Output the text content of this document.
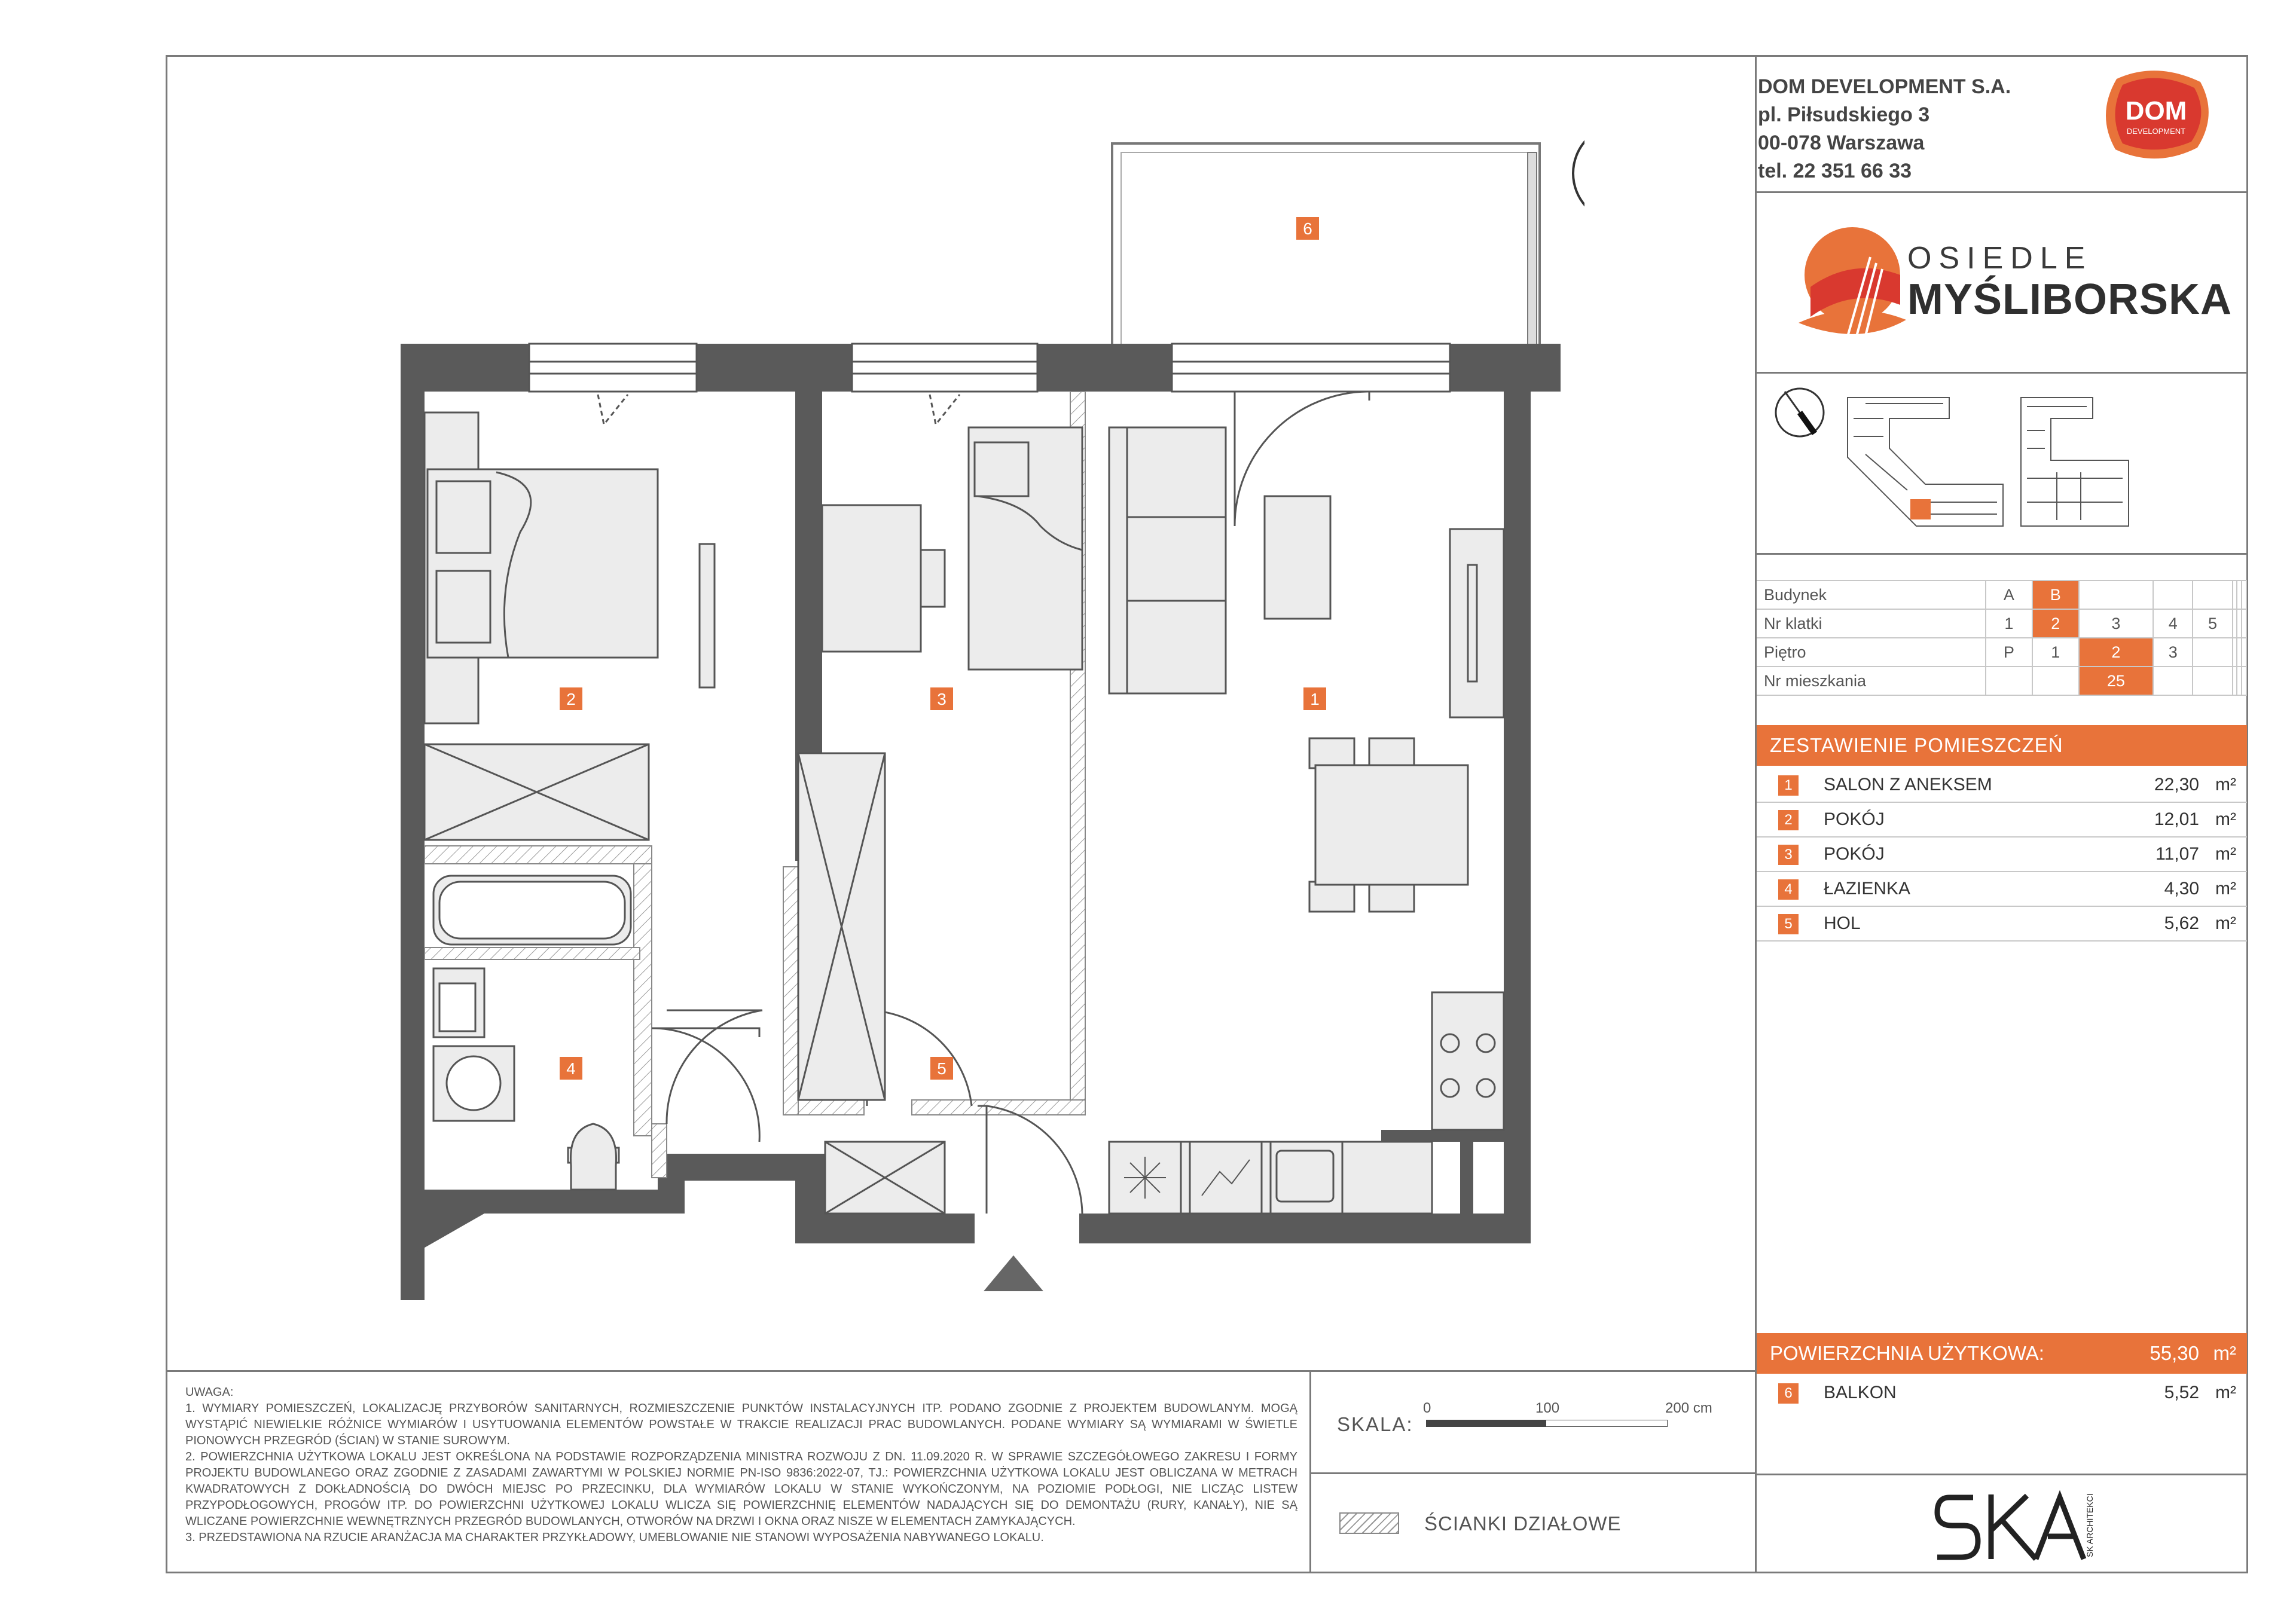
DOM DEVELOPMENT S.A.
pl. Piłsudskiego 3
00-078 Warszawa
tel. 22 351 66 33
DOM
DEVELOPMENT
OSIEDLE
MYŚLIBORSKA
Budynek	A	B						
Nr klatki	1	2	3	4	5			
Piętro	P	1	2	3				
Nr mieszkania			25					
ZESTAWIENIE POMIESZCZEŃ
1	SALON Z ANEKSEM	22,30 m²
2	POKÓJ	12,01 m²
3	POKÓJ	11,07 m²
4	ŁAZIENKA	4,30 m²
5	HOL	5,62 m²
POWIERZCHNIA UŻYTKOWA:	55,30 m²
6	BALKON	5,52 m²
SK ARCHITEKCI

UWAGA:

1. WYMIARY POMIESZCZEŃ, LOKALIZACJĘ PRZYBORÓW SANITARNYCH, ROZMIESZCZENIE PUNKTÓW INSTALACYJNYCH ITP. PODANO ZGODNIE Z PROJEKTEM BUDOWLANYM. MOGĄ WYSTĄPIĆ NIEWIELKIE RÓŻNICE WYMIARÓW I USYTUOWANIA ELEMENTÓW POWSTAŁE W TRAKCIE REALIZACJI PRAC BUDOWLANYCH. PODANE WYMIARY SĄ WYMIARAMI W ŚWIETLE PIONOWYCH PRZEGRÓD (ŚCIAN) W STANIE SUROWYM.

2. POWIERZCHNIA UŻYTKOWA LOKALU JEST OKREŚLONA NA PODSTAWIE ROZPORZĄDZENIA MINISTRA ROZWOJU Z DN. 11.09.2020 R. W SPRAWIE SZCZEGÓŁOWEGO ZAKRESU I FORMY PROJEKTU BUDOWLANEGO ORAZ ZGODNIE Z ZASADAMI ZAWARTYMI W POLSKIEJ NORMIE PN-ISO 9836:2022-07, TJ.: POWIERZCHNIA UŻYTKOWA LOKALU JEST OBLICZANA W METRACH KWADRATOWYCH Z DOKŁADNOŚCIĄ DO DWÓCH MIEJSC PO PRZECINKU, DLA WYMIARÓW LOKALU W STANIE WYKOŃCZONYM, NA POZIOMIE PODŁOGI, NIE LICZĄC LISTEW PRZYPODŁOGOWYCH, PROGÓW ITP. DO POWIERZCHNI UŻYTKOWEJ LOKALU WLICZA SIĘ POWIERZCHNIĘ ELEMENTÓW NADAJĄCYCH SIĘ DO DEMONTAŻU (RURY, KANAŁY), NIE SĄ WLICZANE POWIERZCHNIE WEWNĘTRZNYCH PRZEGRÓD BUDOWLANYCH, OTWORÓW NA DRZWI I OKNA ORAZ NISZE W ELEMENTACH ZAMYKAJĄCYCH.

3. PRZEDSTAWIONA NA RZUCIE ARANŻACJA MA CHARAKTER PRZYKŁADOWY, UMEBLOWANIE NIE STANOWI WYPOSAŻENIA NABYWANEGO LOKALU.

SKALA:
0	100	200 cm
ŚCIANKI DZIAŁOWE
6
2	3	1
4	5
